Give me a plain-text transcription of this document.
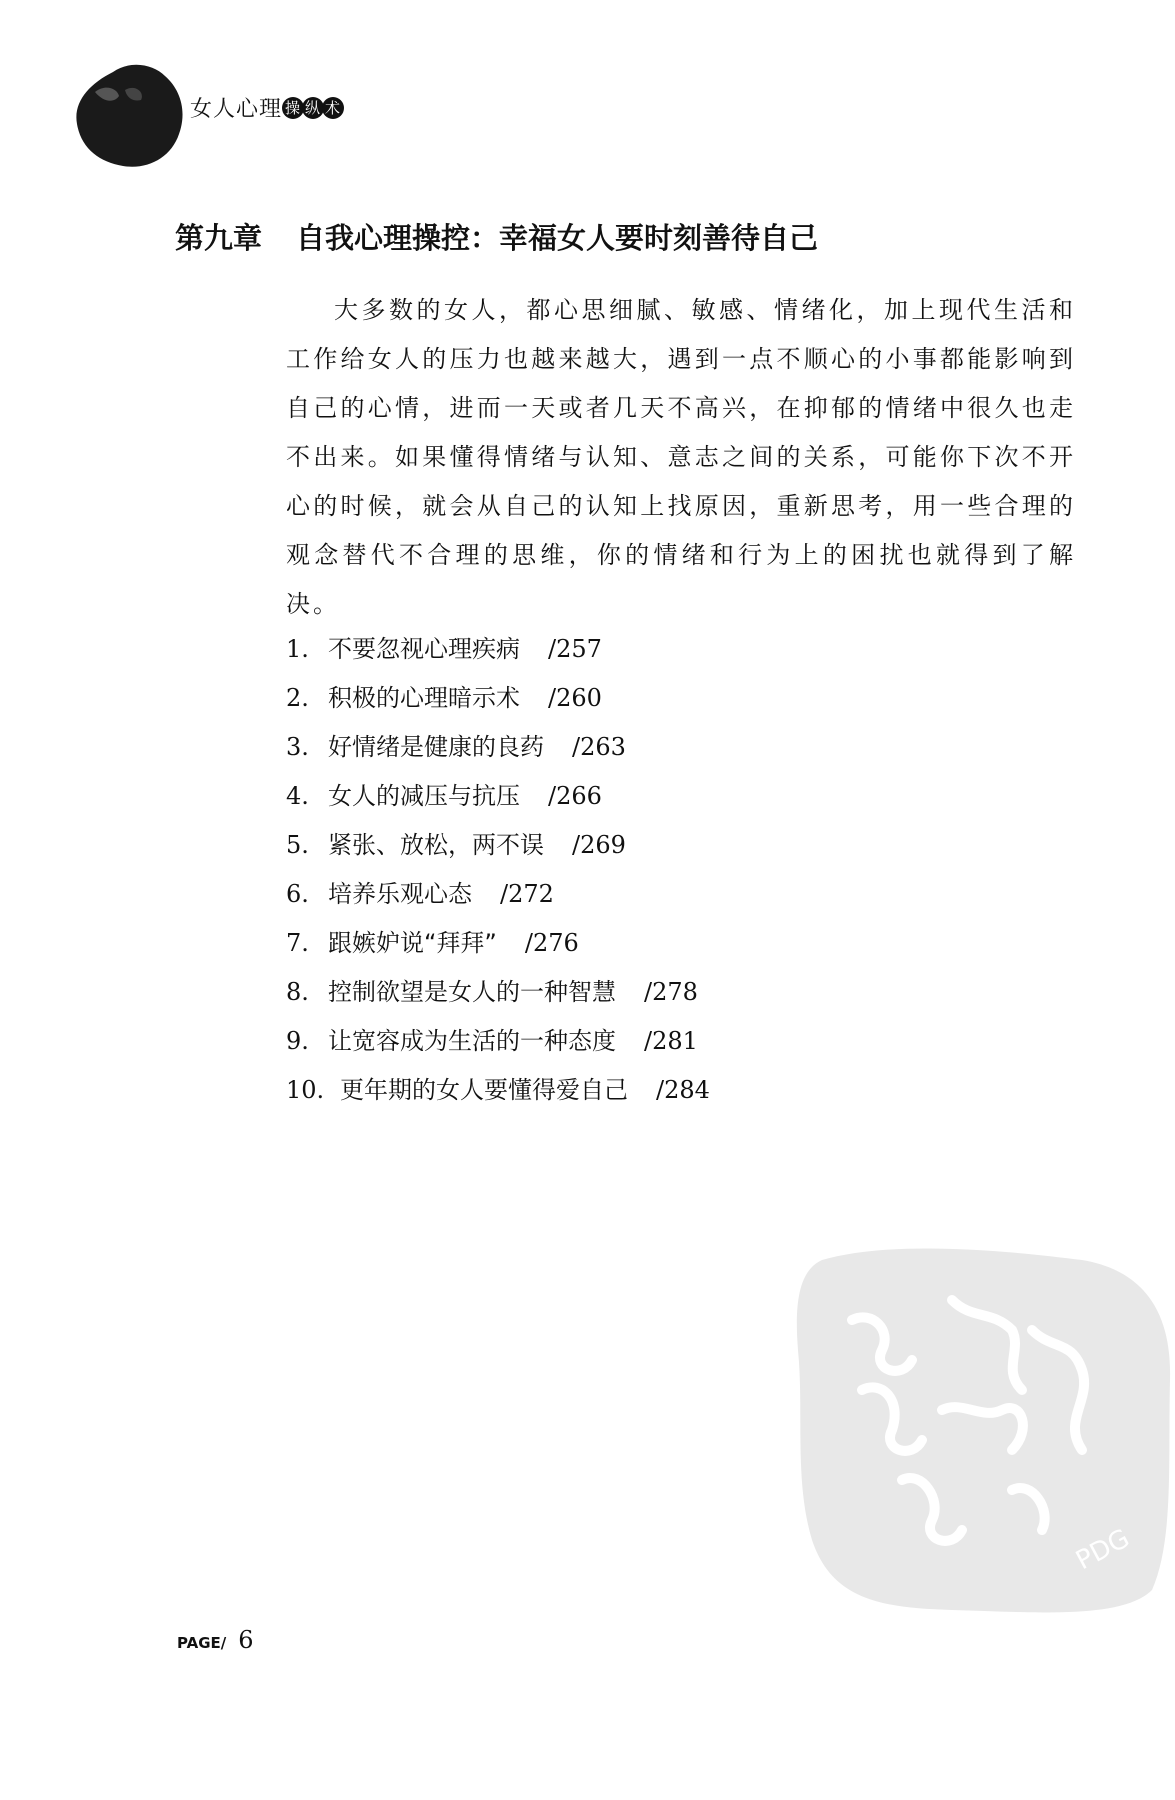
女人心理 操 纵 术
第九章 自我心理操控：幸福女人要时刻善待自己

大多数的女人，都心思细腻、敏感、情绪化，加上现代生活和工作给女人的压力也越来越大，遇到一点不顺心的小事都能影响到自己的心情，进而一天或者几天不高兴，在抑郁的情绪中很久也走不出来。如果懂得情绪与认知、意志之间的关系，可能你下次不开心的时候，就会从自己的认知上找原因，重新思考，用一些合理的观念替代不合理的思维，你的情绪和行为上的困扰也就得到了解决。

1. 不要忽视心理疾病 /257
2. 积极的心理暗示术 /260
3. 好情绪是健康的良药 /263
4. 女人的减压与抗压 /266
5. 紧张、放松，两不误 /269
6. 培养乐观心态 /272
7. 跟嫉妒说“拜拜” /276
8. 控制欲望是女人的一种智慧 /278
9. 让宽容成为生活的一种态度 /281
10. 更年期的女人要懂得爱自己 /284
PAGE/ 6
PDG
